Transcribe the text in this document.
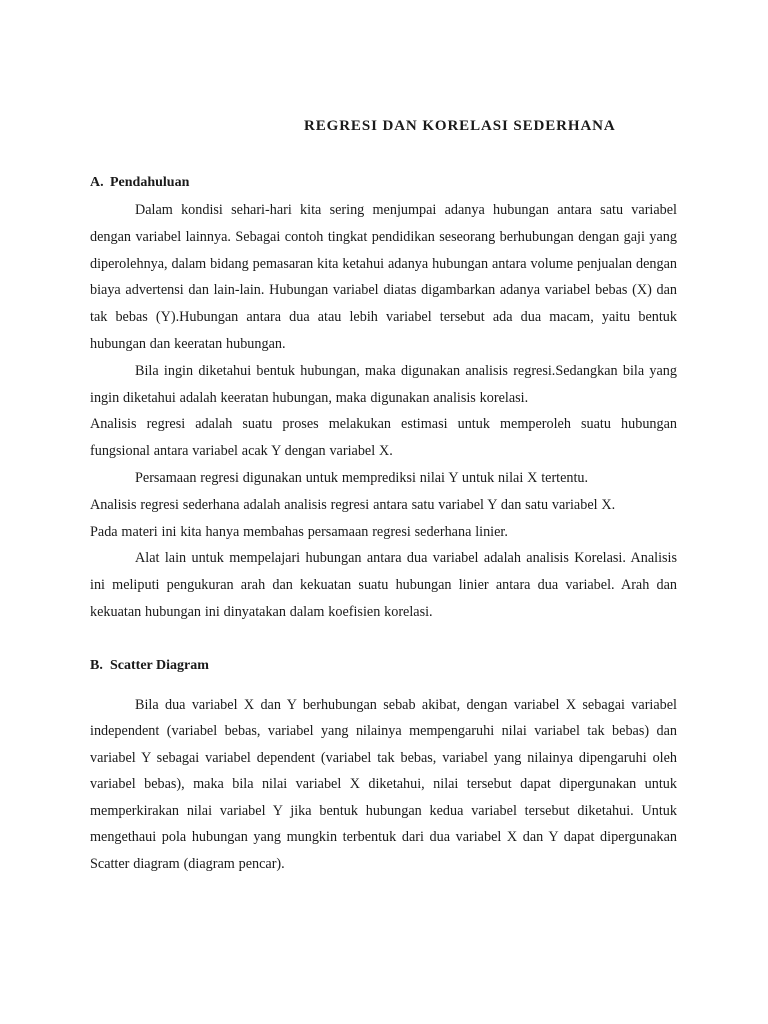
REGRESI DAN KORELASI SEDERHANA
A. Pendahuluan

Dalam kondisi sehari-hari kita sering menjumpai adanya hubungan antara satu variabel dengan variabel lainnya. Sebagai contoh tingkat pendidikan seseorang berhubungan dengan gaji yang diperolehnya, dalam bidang pemasaran kita ketahui adanya hubungan antara volume penjualan dengan biaya advertensi dan lain-lain. Hubungan variabel diatas digambarkan adanya variabel bebas (X) dan tak bebas (Y).Hubungan antara dua atau lebih variabel tersebut ada dua macam, yaitu bentuk hubungan dan keeratan hubungan.

Bila ingin diketahui bentuk hubungan, maka digunakan analisis regresi.Sedangkan bila yang ingin diketahui adalah keeratan hubungan, maka digunakan analisis korelasi.

Analisis regresi adalah suatu proses melakukan estimasi untuk memperoleh suatu hubungan fungsional antara variabel acak Y dengan variabel X.

Persamaan regresi digunakan untuk memprediksi nilai Y untuk nilai X tertentu.

Analisis regresi sederhana adalah analisis regresi antara satu variabel Y dan satu variabel X.

Pada materi ini kita hanya membahas persamaan regresi sederhana linier.

Alat lain untuk mempelajari hubungan antara dua variabel adalah analisis Korelasi. Analisis ini meliputi pengukuran arah dan kekuatan suatu hubungan linier antara dua variabel. Arah dan kekuatan hubungan ini dinyatakan dalam koefisien korelasi.

B. Scatter Diagram

Bila dua variabel X dan Y berhubungan sebab akibat, dengan variabel X sebagai variabel independent (variabel bebas, variabel yang nilainya mempengaruhi nilai variabel tak bebas) dan variabel Y sebagai variabel dependent (variabel tak bebas, variabel yang nilainya dipengaruhi oleh variabel bebas), maka bila nilai variabel X diketahui, nilai tersebut dapat dipergunakan untuk memperkirakan nilai variabel Y jika bentuk hubungan kedua variabel tersebut diketahui. Untuk mengethaui pola hubungan yang mungkin terbentuk dari dua variabel X dan Y dapat dipergunakan Scatter diagram (diagram pencar).
